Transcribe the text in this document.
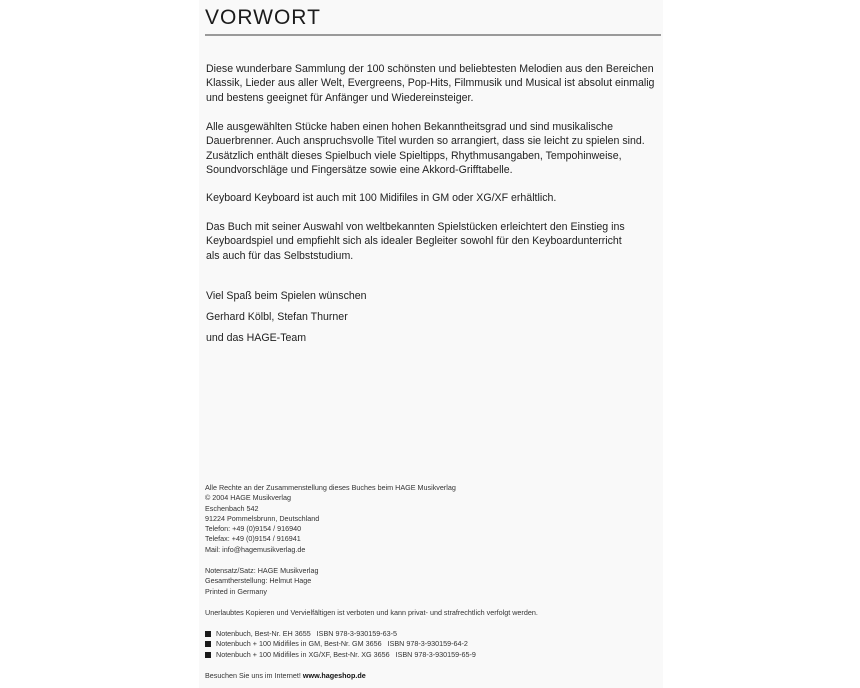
VORWORT

Diese wunderbare Sammlung der 100 schönsten und beliebtesten Melodien aus den Bereichen

Klassik, Lieder aus aller Welt, Evergreens, Pop-Hits, Filmmusik und Musical ist absolut einmalig

und bestens geeignet für Anfänger und Wiedereinsteiger.

Alle ausgewählten Stücke haben einen hohen Bekanntheitsgrad und sind musikalische

Dauerbrenner. Auch anspruchsvolle Titel wurden so arrangiert, dass sie leicht zu spielen sind.

Zusätzlich enthält dieses Spielbuch viele Spieltipps, Rhythmusangaben, Tempohinweise,

Soundvorschläge und Fingersätze sowie eine Akkord-Grifftabelle.

Keyboard Keyboard ist auch mit 100 Midifiles in GM oder XG/XF erhältlich.

Das Buch mit seiner Auswahl von weltbekannten Spielstücken erleichtert den Einstieg ins

Keyboardspiel und empfiehlt sich als idealer Begleiter sowohl für den Keyboardunterricht

als auch für das Selbststudium.

Viel Spaß beim Spielen wünschen
Gerhard Kölbl, Stefan Thurner
und das HAGE-Team
Alle Rechte an der Zusammenstellung dieses Buches beim HAGE Musikverlag
© 2004 HAGE Musikverlag
Eschenbach 542
91224 Pommelsbrunn, Deutschland
Telefon: +49 (0)9154 / 916940
Telefax: +49 (0)9154 / 916941
Mail: info@hagemusikverlag.de
Notensatz/Satz: HAGE Musikverlag
Gesamtherstellung: Helmut Hage
Printed in Germany
Unerlaubtes Kopieren und Vervielfältigen ist verboten und kann privat- und strafrechtlich verfolgt werden.
Notenbuch, Best-Nr. EH 3655   ISBN 978-3-930159-63-5
Notenbuch + 100 Midifiles in GM, Best-Nr. GM 3656   ISBN 978-3-930159-64-2
Notenbuch + 100 Midifiles in XG/XF, Best-Nr. XG 3656   ISBN 978-3-930159-65-9
Besuchen Sie uns im Internet! www.hageshop.de
